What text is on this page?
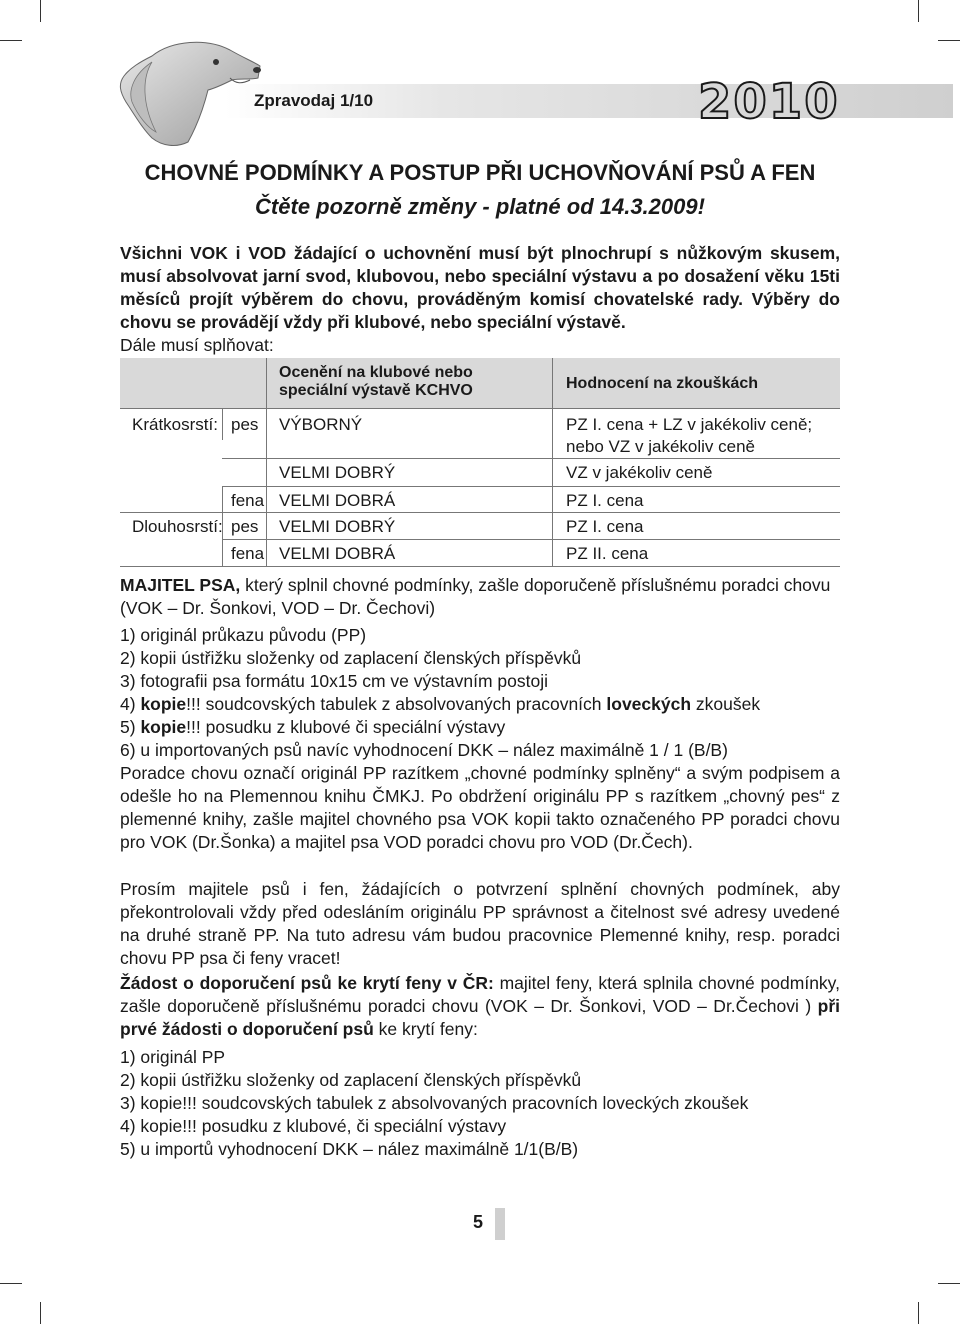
Zpravodaj 1/10	2010
CHOVNÉ PODMÍNKY A POSTUP PŘI UCHOVŇOVÁNÍ PSŮ A FEN
Čtěte pozorně změny - platné od 14.3.2009!
Všichni VOK i VOD žádající o uchovnění musí být plnochrupí s nůžkovým skusem, musí absolvovat jarní svod, klubovou, nebo speciální výstavu a po dosažení věku 15ti měsíců projít výběrem do chovu, prováděným komisí chovatelské rady. Výběry do chovu se provádějí vždy při klubové, nebo speciální výstavě.
Dále musí splňovat:
Ocenění na klubové nebo speciální výstavě KCHVO	Hodnocení na zkouškách
Krátkosrstí: pes VÝBORNÝ	PZ I. cena + LZ v jakékoliv ceně;
nebo VZ v jakékoliv ceně
VELMI DOBRÝ	VZ v jakékoliv ceně
fena VELMI DOBRÁ	PZ I. cena
Dlouhosrstí: pes VELMI DOBRÝ	PZ I. cena
fena VELMI DOBRÁ	PZ II. cena
MAJITEL PSA, který splnil chovné podmínky, zašle doporučeně příslušnému poradci chovu (VOK – Dr. Šonkovi, VOD – Dr. Čechovi)
1) originál průkazu původu (PP)
2) kopii ústřižku složenky od zaplacení členských příspěvků
3) fotografii psa formátu 10x15 cm ve výstavním postoji
4) kopie!!! soudcovských tabulek z absolvovaných pracovních loveckých zkoušek
5) kopie!!! posudku z klubové či speciální výstavy
6) u importovaných psů navíc vyhodnocení DKK – nález maximálně 1 / 1 (B/B)
Poradce chovu označí originál PP razítkem „chovné podmínky splněny“ a svým podpisem a odešle ho na Plemennou knihu ČMKJ. Po obdržení originálu PP s razítkem „chovný pes“ z plemenné knihy, zašle majitel chovného psa VOK kopii takto označeného PP poradci chovu pro VOK (Dr.Šonka) a majitel psa VOD poradci chovu pro VOD (Dr.Čech).
Prosím majitele psů i fen, žádajících o potvrzení splnění chovných podmínek, aby překontrolovali vždy před odesláním originálu PP správnost a čitelnost své adresy uvedené na druhé straně PP. Na tuto adresu vám budou pracovnice Plemenné knihy, resp. poradci chovu PP psa či feny vracet!
Žádost o doporučení psů ke krytí feny v ČR: majitel feny, která splnila chovné podmínky, zašle doporučeně příslušnému poradci chovu (VOK – Dr. Šonkovi, VOD – Dr.Čechovi ) při prvé žádosti o doporučení psů ke krytí feny:
1) originál PP
2) kopii ústřižku složenky od zaplacení členských příspěvků
3) kopie!!! soudcovských tabulek z absolvovaných pracovních loveckých zkoušek
4) kopie!!! posudku z klubové, či speciální výstavy
5) u importů vyhodnocení DKK – nález maximálně 1/1(B/B)
5
